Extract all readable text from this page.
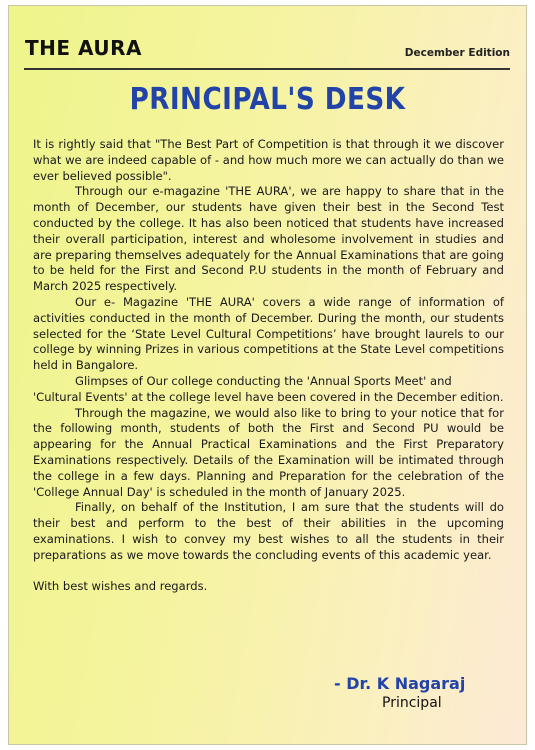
THE AURA	December Edition
PRINCIPAL'S DESK

It is rightly said that "The Best Part of Competition is that through it we discover what we are indeed capable of - and how much more we can actually do than we ever believed possible".

Through our e-magazine 'THE AURA', we are happy to share that in the month of December, our students have given their best in the Second Test conducted by the college. It has also been noticed that students have increased their overall participation, interest and wholesome involvement in studies and are preparing themselves adequately for the Annual Examinations that are going to be held for the First and Second P.U students in the month of February and March 2025 respectively.

Our e- Magazine 'THE AURA' covers a wide range of information of activities conducted in the month of December. During the month, our students selected for the ‘State Level Cultural Competitions’ have brought laurels to our college by winning Prizes in various competitions at the State Level competitions held in Bangalore.

Glimpses of Our college conducting the 'Annual Sports Meet' and 'Cultural Events' at the college level have been covered in the December edition.

Through the magazine, we would also like to bring to your notice that for the following month, students of both the First and Second PU would be appearing for the Annual Practical Examinations and the First Preparatory Examinations respectively. Details of the Examination will be intimated through the college in a few days. Planning and Preparation for the celebration of the 'College Annual Day' is scheduled in the month of January 2025.

Finally, on behalf of the Institution, I am sure that the students will do their best and perform to the best of their abilities in the upcoming examinations. I wish to convey my best wishes to all the students in their preparations as we move towards the concluding events of this academic year.

With best wishes and regards.

- Dr. K Nagaraj
Principal
